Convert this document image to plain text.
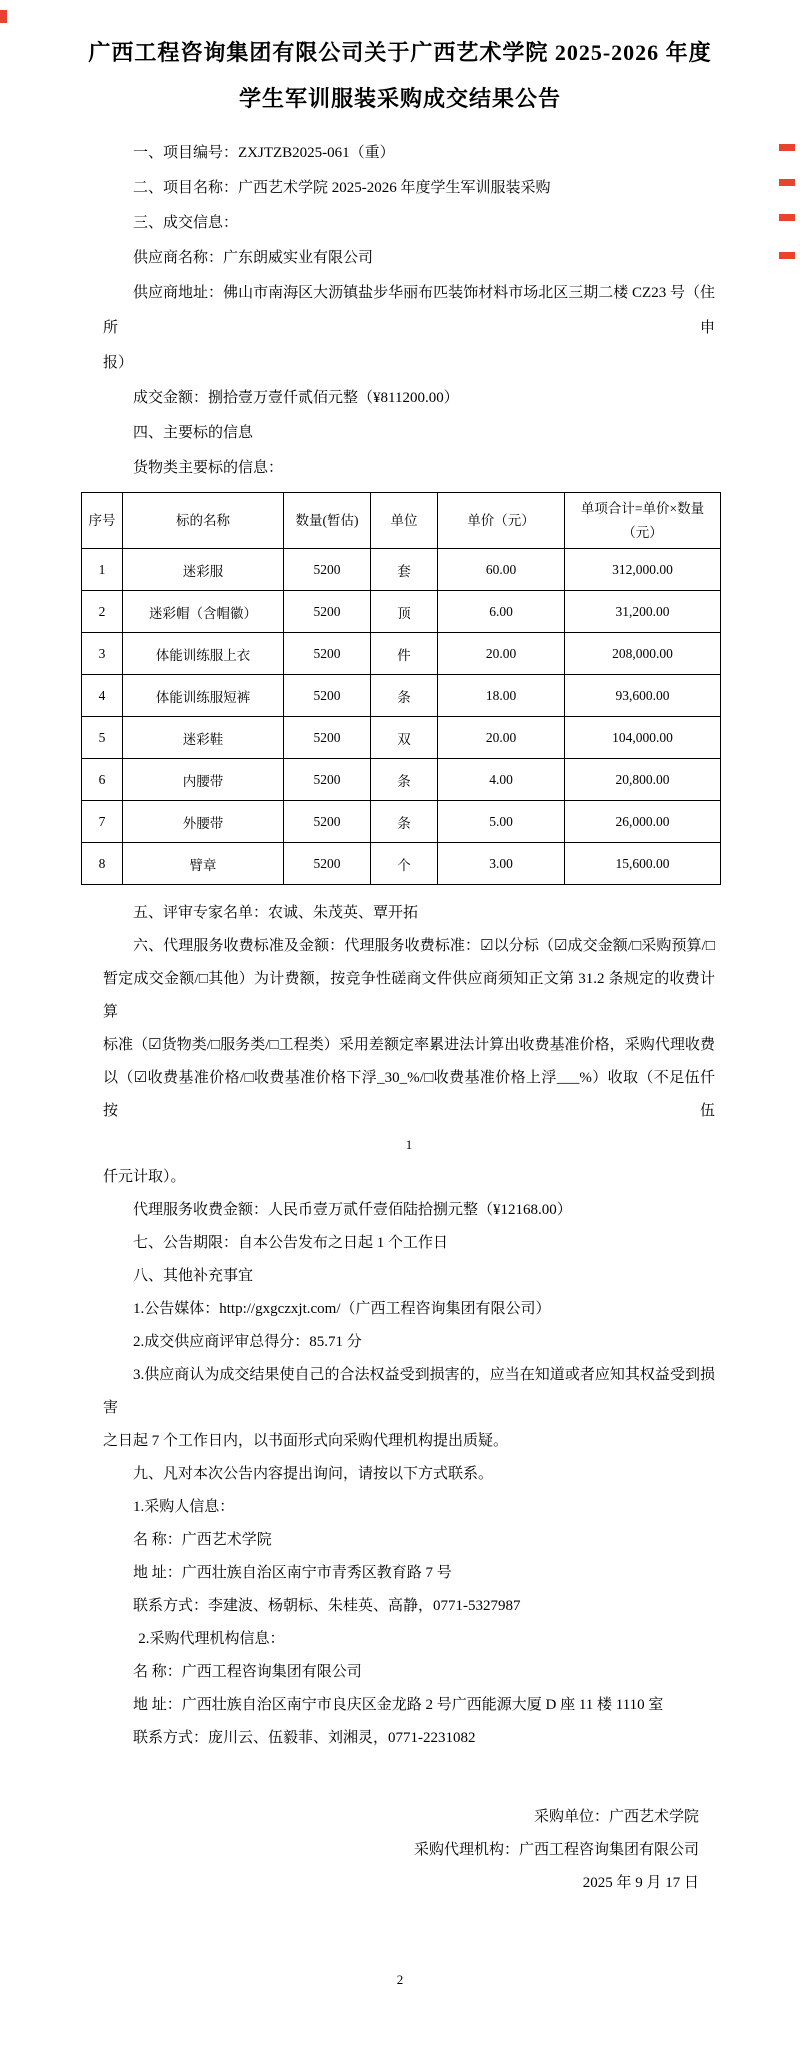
广西工程咨询集团有限公司关于广西艺术学院 2025-2026 年度
学生军训服装采购成交结果公告
一、项目编号：ZXJTZB2025-061（重）
二、项目名称：广西艺术学院 2025-2026 年度学生军训服装采购
三、成交信息：
供应商名称：广东朗威实业有限公司
供应商地址：佛山市南海区大沥镇盐步华丽布匹装饰材料市场北区三期二楼 CZ23 号（住所申
报）
成交金额：捌拾壹万壹仟贰佰元整（¥811200.00）
四、主要标的信息
货物类主要标的信息：
序号	标的名称	数量(暂估)	单位	单价（元）	单项合计=单价×数量（元）
1	迷彩服	5200	套	60.00	312,000.00
2	迷彩帽（含帽徽）	5200	顶	6.00	31,200.00
3	体能训练服上衣	5200	件	20.00	208,000.00
4	体能训练服短裤	5200	条	18.00	93,600.00
5	迷彩鞋	5200	双	20.00	104,000.00
6	内腰带	5200	条	4.00	20,800.00
7	外腰带	5200	条	5.00	26,000.00
8	臂章	5200	个	3.00	15,600.00
五、评审专家名单：农诚、朱茂英、覃开拓
六、代理服务收费标准及金额：代理服务收费标准：☑以分标（☑成交金额/□采购预算/□
暂定成交金额/□其他）为计费额，按竞争性磋商文件供应商须知正文第 31.2 条规定的收费计算
标准（☑货物类/□服务类/□工程类）采用差额定率累进法计算出收费基准价格，采购代理收费
以（☑收费基准价格/□收费基准价格下浮_30_%/□收费基准价格上浮___%）收取（不足伍仟按伍
1
仟元计取）。
代理服务收费金额：人民币壹万贰仟壹佰陆拾捌元整（¥12168.00）
七、公告期限：自本公告发布之日起 1 个工作日
八、其他补充事宜
1.公告媒体：http://gxgczxjt.com/（广西工程咨询集团有限公司）
2.成交供应商评审总得分：85.71 分
3.供应商认为成交结果使自己的合法权益受到损害的，应当在知道或者应知其权益受到损害
之日起 7 个工作日内，以书面形式向采购代理机构提出质疑。
九、凡对本次公告内容提出询问，请按以下方式联系。
1.采购人信息：
名 称：广西艺术学院
地 址：广西壮族自治区南宁市青秀区教育路 7 号
联系方式：李建波、杨朝标、朱桂英、高静，0771-5327987
2.采购代理机构信息：
名 称：广西工程咨询集团有限公司
地 址：广西壮族自治区南宁市良庆区金龙路 2 号广西能源大厦 D 座 11 楼 1110 室
联系方式：庞川云、伍毅菲、刘湘灵，0771-2231082
采购单位：广西艺术学院
采购代理机构：广西工程咨询集团有限公司
2025 年 9 月 17 日
2
